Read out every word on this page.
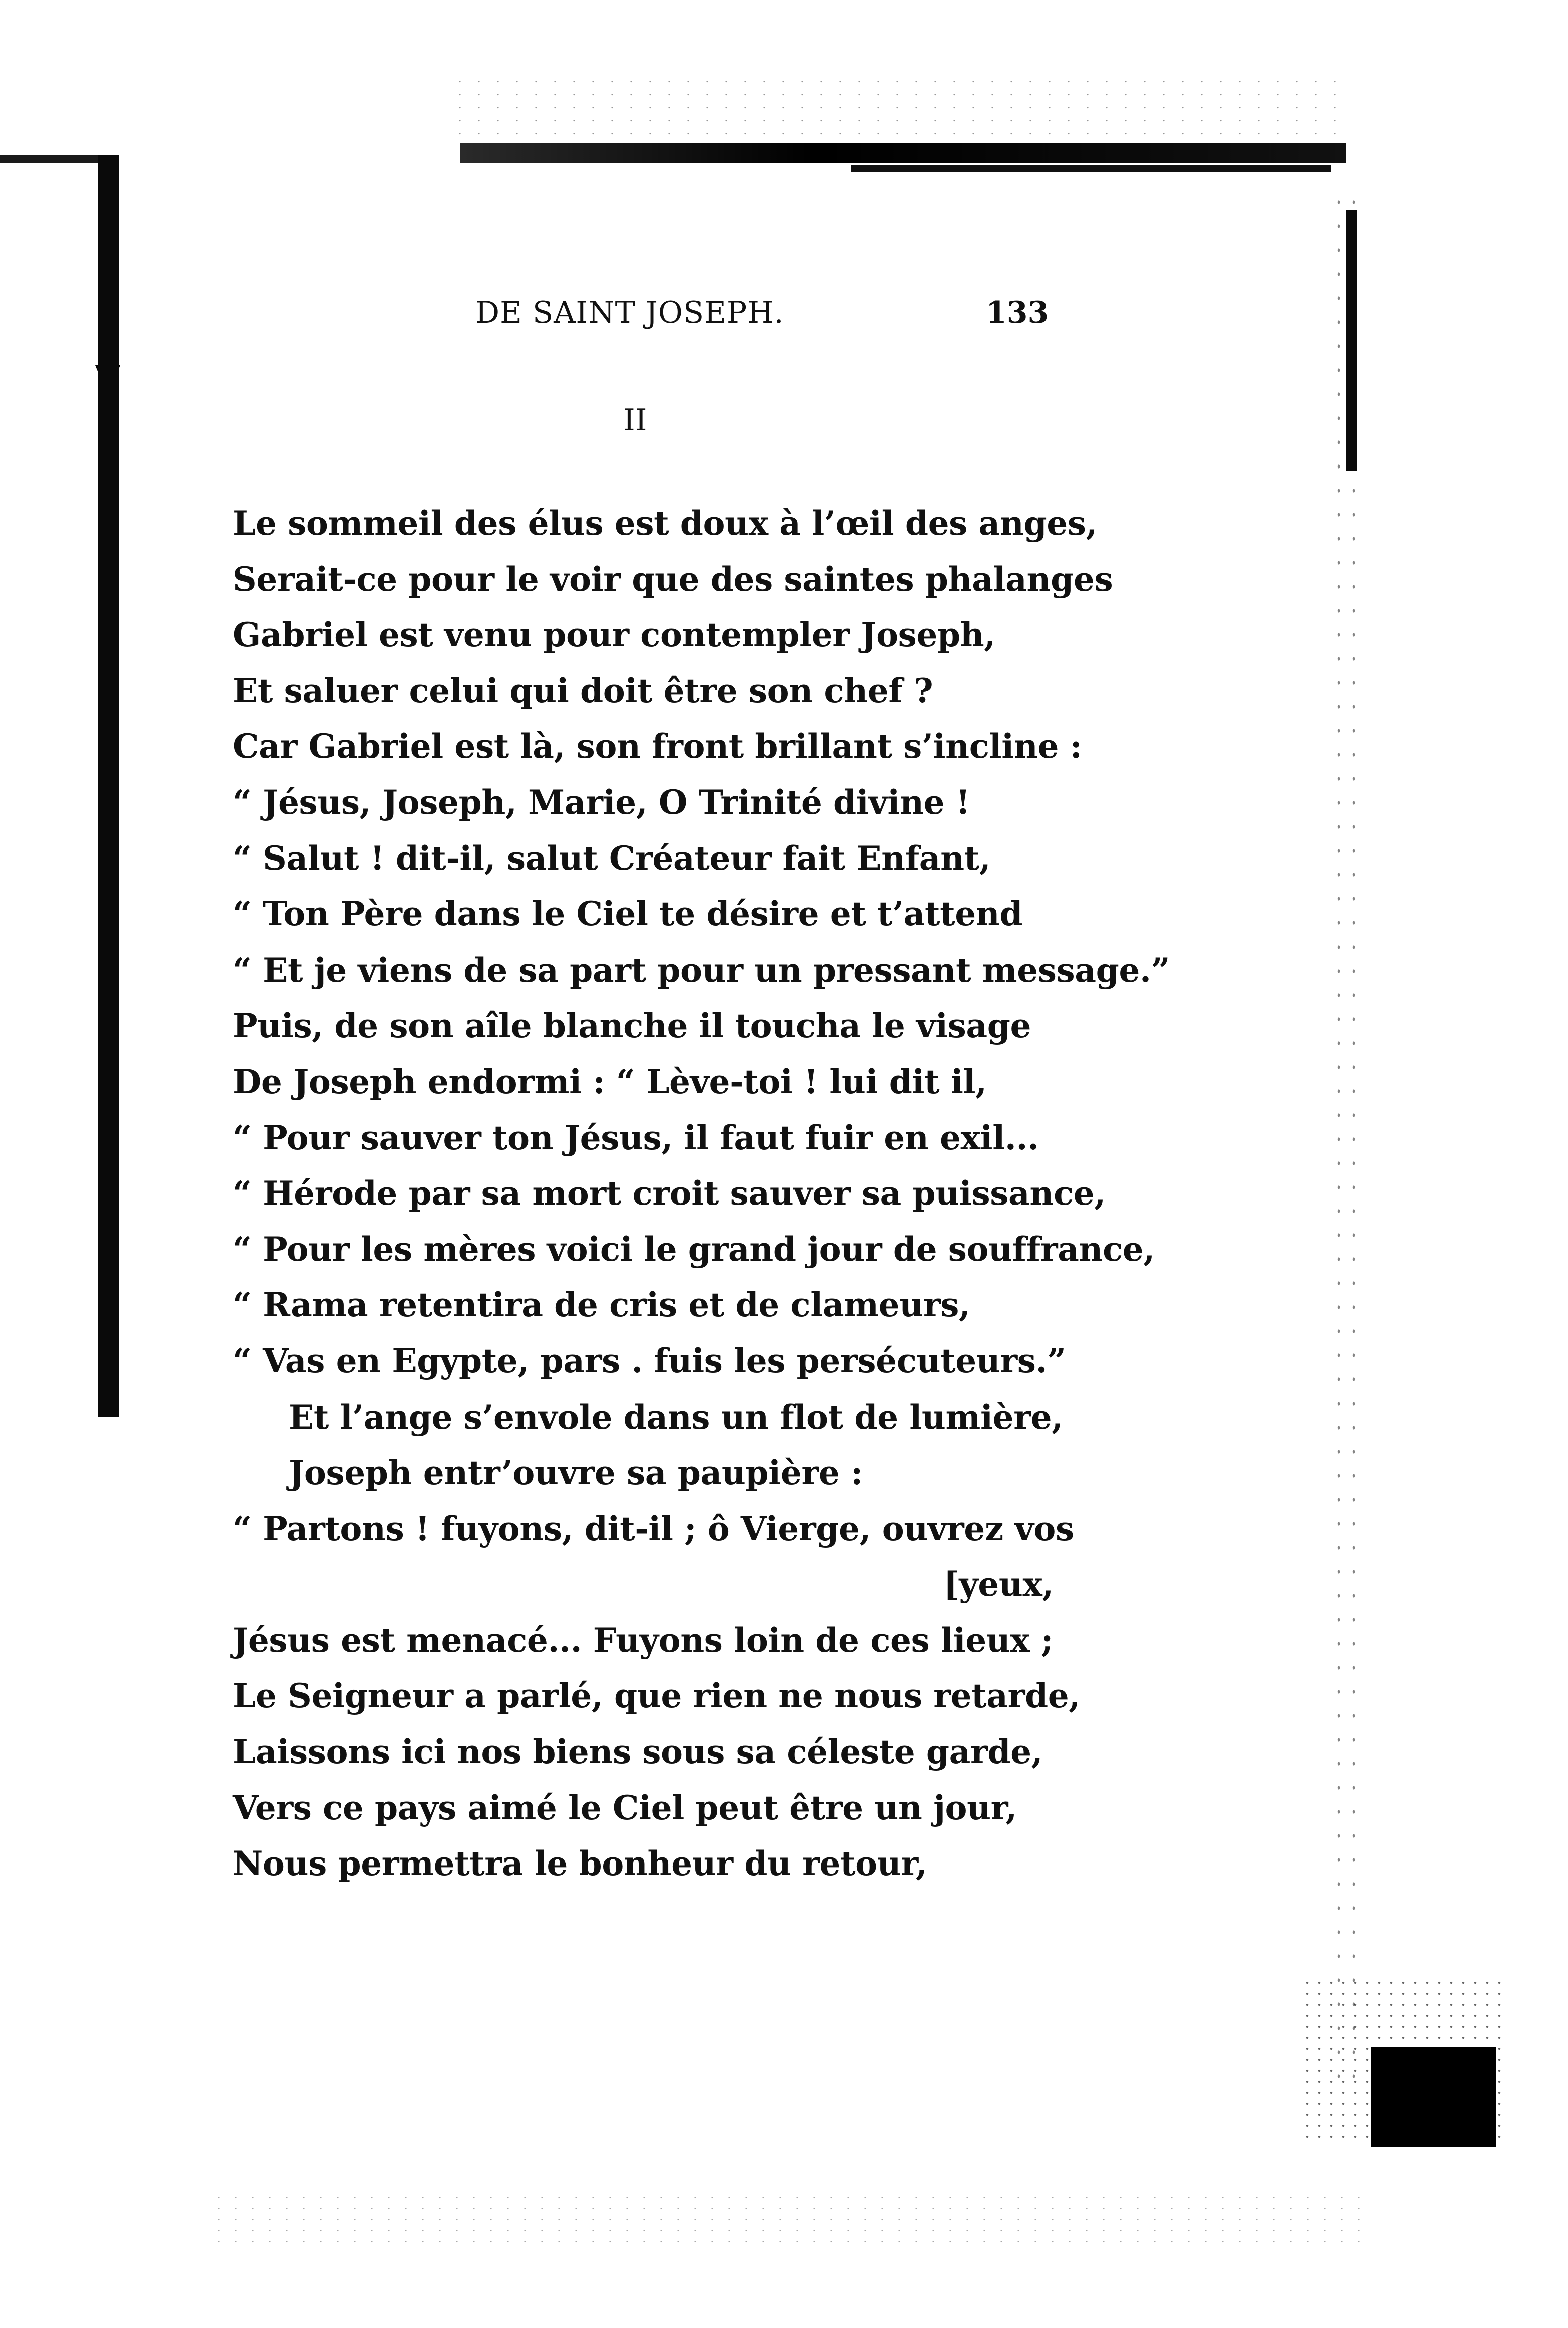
DE SAINT JOSEPH.	133
II
Le sommeil des élus est doux à l’œil des anges,
Serait-ce pour le voir que des saintes phalanges
Gabriel est venu pour contempler Joseph,
Et saluer celui qui doit être son chef ?
Car Gabriel est là, son front brillant s’incline :
“ Jésus, Joseph, Marie, O Trinité divine !
“ Salut ! dit-il, salut Créateur fait Enfant,
“ Ton Père dans le Ciel te désire et t’attend
“ Et je viens de sa part pour un pressant message.”
Puis, de son aîle blanche il toucha le visage
De Joseph endormi : “ Lève-toi ! lui dit il,
“ Pour sauver ton Jésus, il faut fuir en exil...
“ Hérode par sa mort croit sauver sa puissance,
“ Pour les mères voici le grand jour de souffrance,
“ Rama retentira de cris et de clameurs,
“ Vas en Egypte, pars . fuis les persécuteurs.”
Et l’ange s’envole dans un flot de lumière,
Joseph entr’ouvre sa paupière :
“ Partons ! fuyons, dit-il ; ô Vierge, ouvrez vos
[yeux,
Jésus est menacé... Fuyons loin de ces lieux ;
Le Seigneur a parlé, que rien ne nous retarde,
Laissons ici nos biens sous sa céleste garde,
Vers ce pays aimé le Ciel peut être un jour,
Nous permettra le bonheur du retour,
